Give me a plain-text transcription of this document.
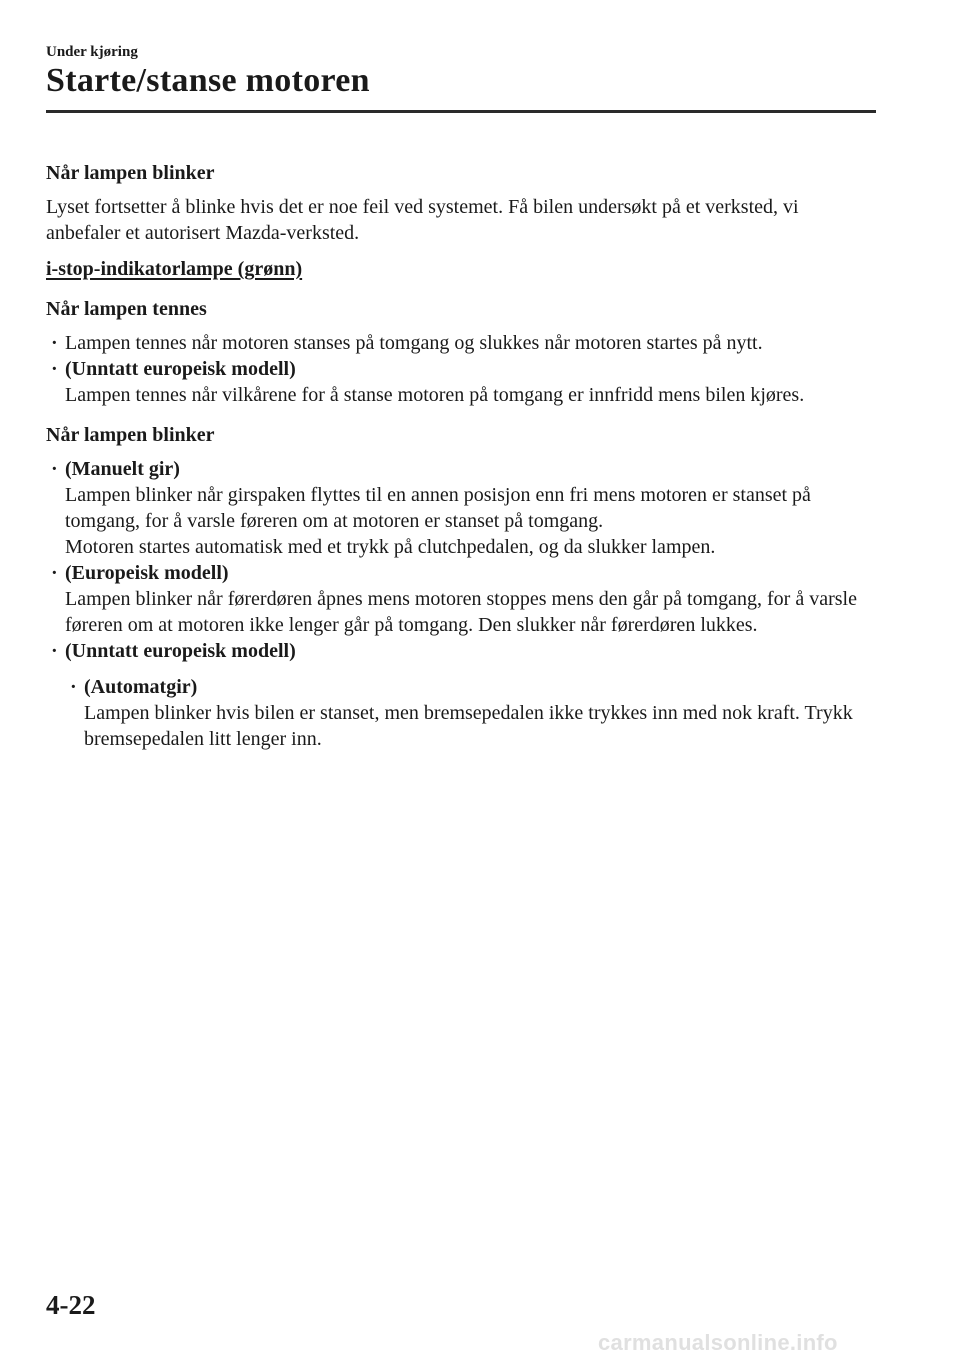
Under kjøring
Starte/stanse motoren
Når lampen blinker

Lyset fortsetter å blinke hvis det er noe feil ved systemet. Få bilen undersøkt på et verksted, vi anbefaler et autorisert Mazda-verksted.

i-stop-indikatorlampe (grønn)
Når lampen tennes
· Lampen tennes når motoren stanses på tomgang og slukkes når motoren startes på nytt.
· (Unntatt europeisk modell)
Lampen tennes når vilkårene for å stanse motoren på tomgang er innfridd mens bilen kjøres.
Når lampen blinker
· (Manuelt gir)
Lampen blinker når girspaken flyttes til en annen posisjon enn fri mens motoren er stanset på tomgang, for å varsle føreren om at motoren er stanset på tomgang.
Motoren startes automatisk med et trykk på clutchpedalen, og da slukker lampen.
· (Europeisk modell)
Lampen blinker når førerdøren åpnes mens motoren stoppes mens den går på tomgang, for å varsle føreren om at motoren ikke lenger går på tomgang. Den slukker når førerdøren lukkes.
· (Unntatt europeisk modell)
· (Automatgir)
Lampen blinker hvis bilen er stanset, men bremsepedalen ikke trykkes inn med nok kraft. Trykk bremsepedalen litt lenger inn.
4-22
carmanualsonline.info
